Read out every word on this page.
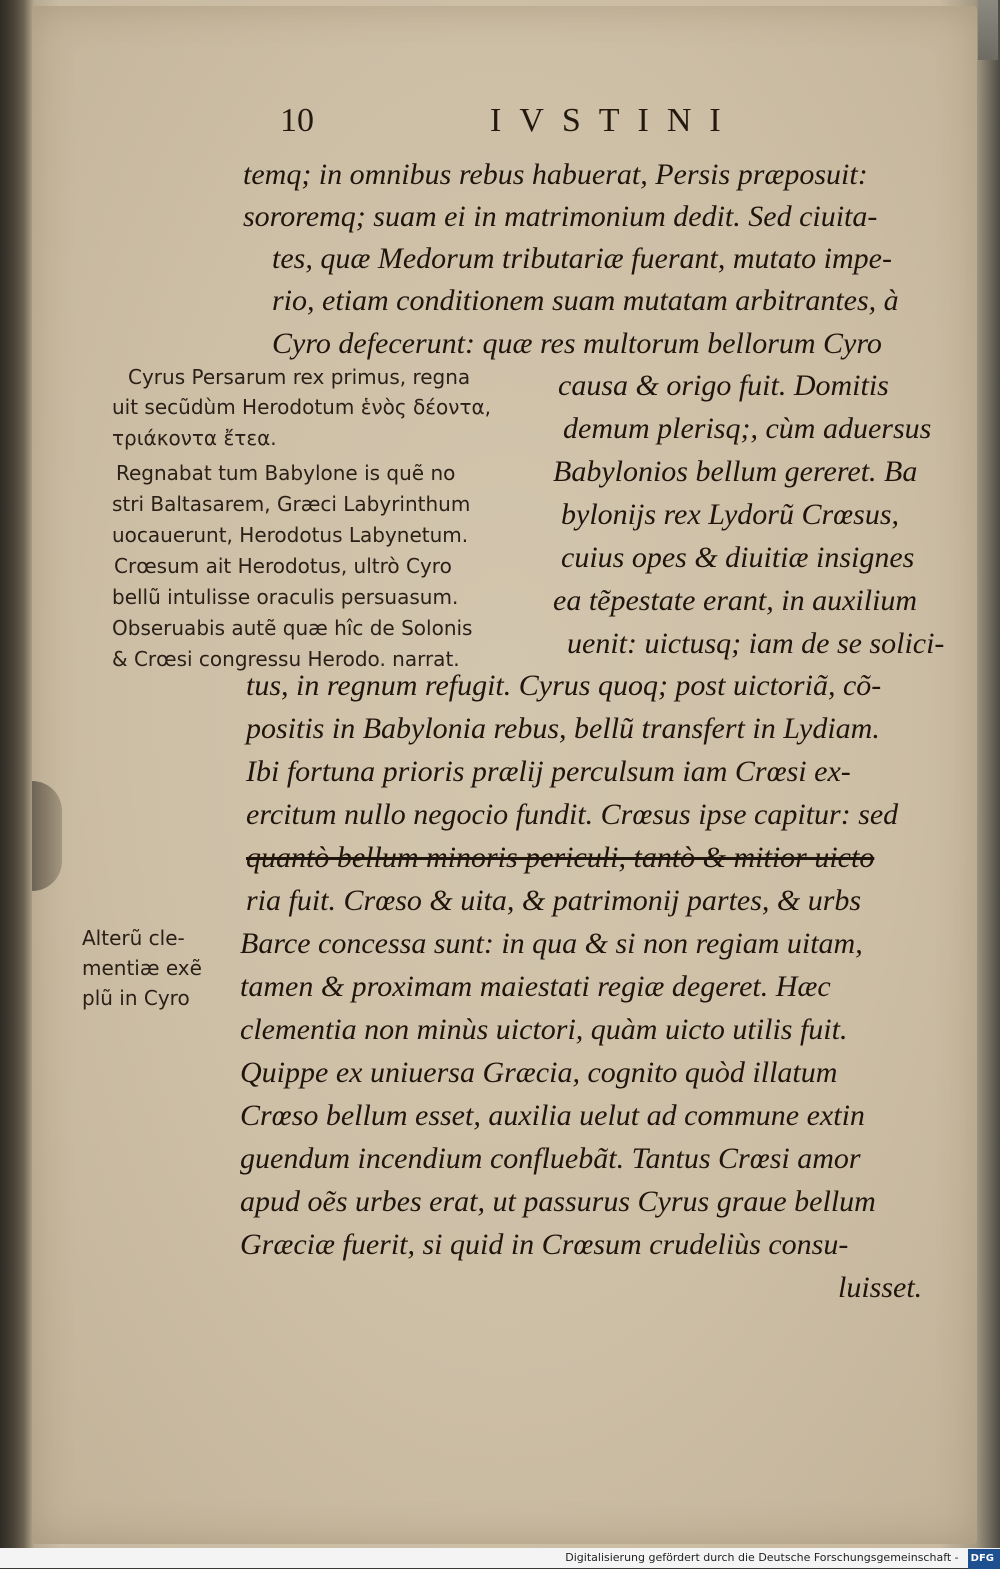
10	IVSTINI
temq; in omnibus rebus habuerat, Persis præposuit:
sororemq; suam ei in matrimonium dedit. Sed ciuita-
tes, quæ Medorum tributariæ fuerant, mutato impe-
rio, etiam conditionem suam mutatam arbitrantes, à
Cyro defecerunt: quæ res multorum bellorum Cyro
causa & origo fuit. Domitis
demum plerisq;, cùm aduersus
Babylonios bellum gereret. Ba
bylonijs rex Lydorũ Crœsus,
cuius opes & diuitiæ insignes
ea tẽpestate erant, in auxilium
uenit: uictusq; iam de se solici-
tus, in regnum refugit. Cyrus quoq; post uictoriã, cõ-
positis in Babylonia rebus, bellũ transfert in Lydiam.
Ibi fortuna prioris prælij perculsum iam Crœsi ex-
ercitum nullo negocio fundit. Crœsus ipse capitur: sed
quantò bellum minoris periculi, tantò & mitior uicto
ria fuit. Crœso & uita, & patrimonij partes, & urbs
Barce concessa sunt: in qua & si non regiam uitam,
tamen & proximam maiestati regiæ degeret. Hæc
clementia non minùs uictori, quàm uicto utilis fuit.
Quippe ex uniuersa Græcia, cognito quòd illatum
Crœso bellum esset, auxilia uelut ad commune extin
guendum incendium confluebãt. Tantus Crœsi amor
apud oẽs urbes erat, ut passurus Cyrus graue bellum
Græciæ fuerit, si quid in Crœsum crudeliùs consu-
luisset.
Cyrus Persarum rex primus, regna
uit secũdùm Herodotum ἑνὸς δέοντα,
τριάκοντα ἔτεα.
Regnabat tum Babylone is quẽ no
stri Baltasarem, Græci Labyrinthum
uocauerunt, Herodotus Labynetum.
Crœsum ait Herodotus, ultrò Cyro
bellũ intulisse oraculis persuasum.
Obseruabis autẽ quæ hîc de Solonis
& Crœsi congressu Herodo. narrat.
Alterũ cle-
mentiæ exẽ
plũ in Cyro
Digitalisierung gefördert durch die Deutsche Forschungsgemeinschaft - DFG
